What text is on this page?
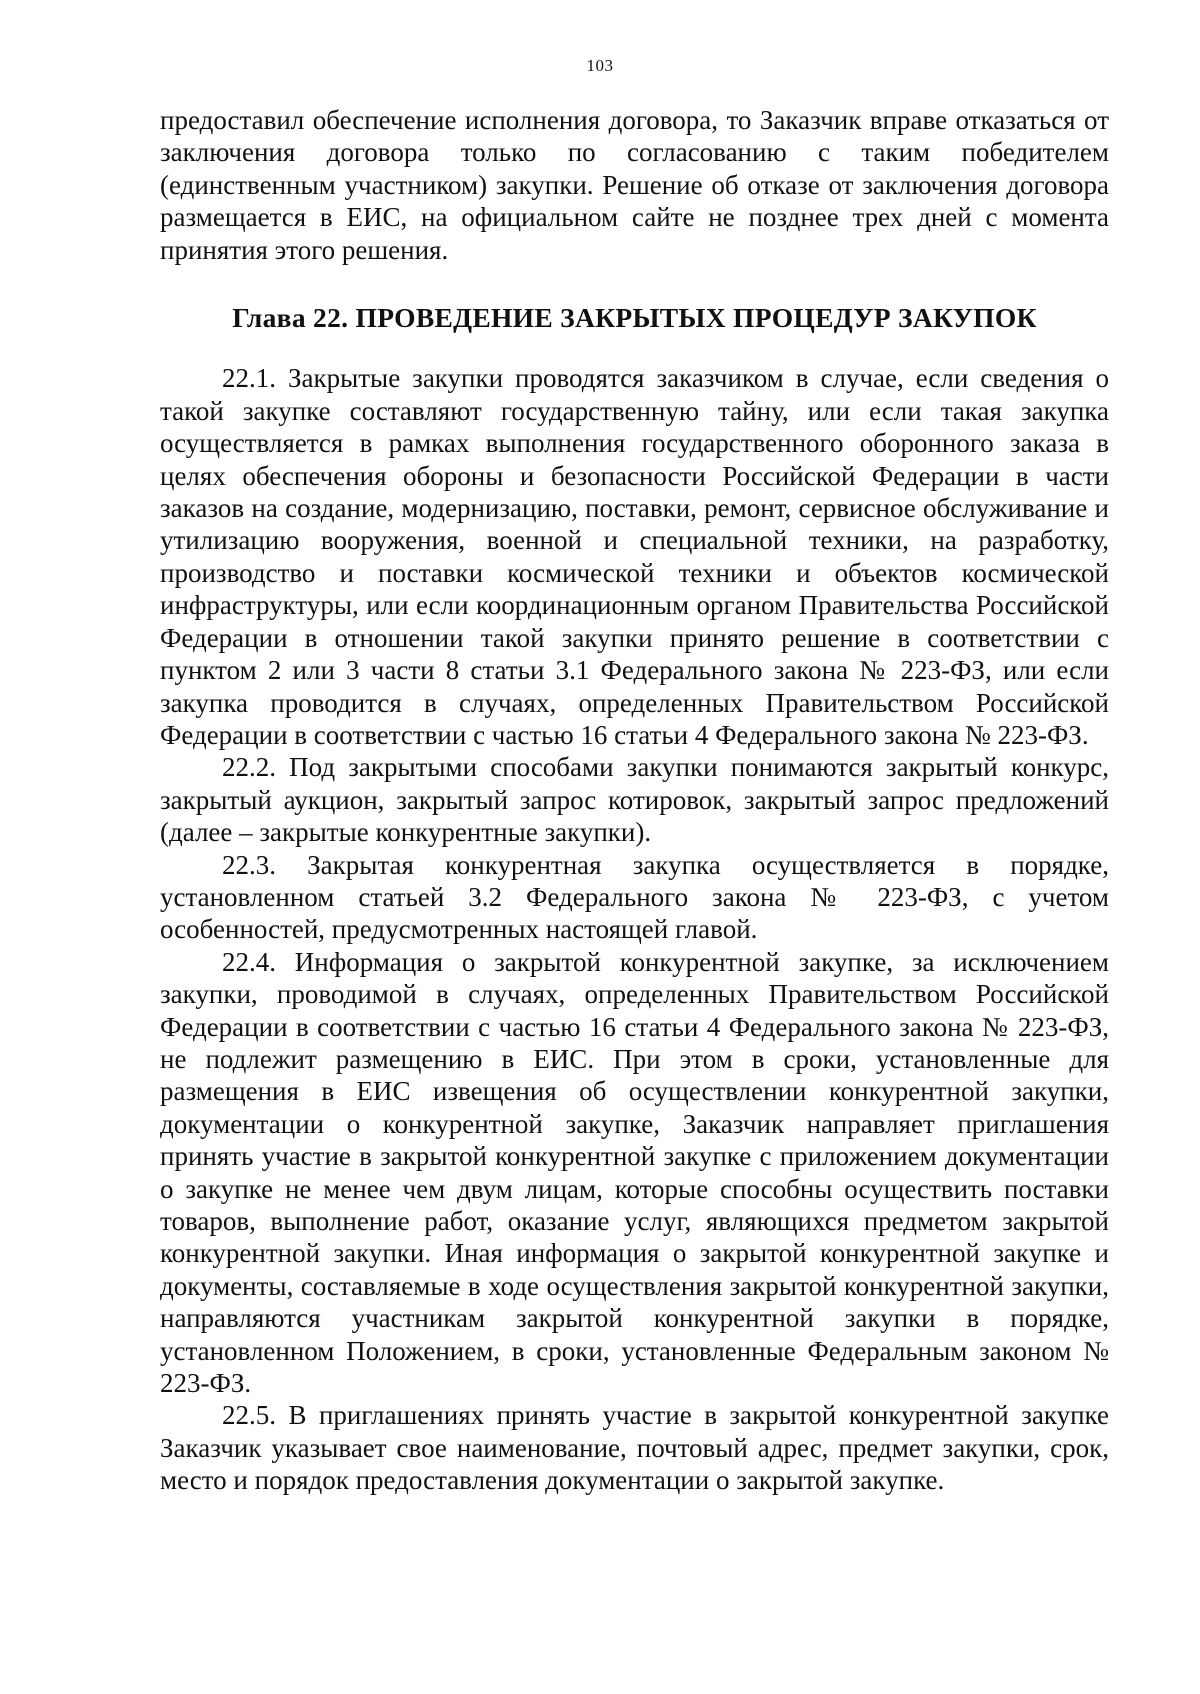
103

предоставил обеспечение исполнения договора, то Заказчик вправе отказаться от заключения договора только по согласованию с таким победителем (единственным участником) закупки. Решение об отказе от заключения договора размещается в ЕИС, на официальном сайте не позднее трех дней с момента принятия этого решения.

Глава 22. ПРОВЕДЕНИЕ ЗАКРЫТЫХ ПРОЦЕДУР ЗАКУПОК

22.1. Закрытые закупки проводятся заказчиком в случае, если сведения о такой закупке составляют государственную тайну, или если такая закупка осуществляется в рамках выполнения государственного оборонного заказа в целях обеспечения обороны и безопасности Российской Федерации в части заказов на создание, модернизацию, поставки, ремонт, сервисное обслуживание и утилизацию вооружения, военной и специальной техники, на разработку, производство и поставки космической техники и объектов космической инфраструктуры, или если координационным органом Правительства Российской Федерации в отношении такой закупки принято решение в соответствии с пунктом 2 или 3 части 8 статьи 3.1 Федерального закона № 223-ФЗ, или если закупка проводится в случаях, определенных Правительством Российской Федерации в соответствии с частью 16 статьи 4 Федерального закона № 223-ФЗ.

22.2. Под закрытыми способами закупки понимаются закрытый конкурс, закрытый аукцион, закрытый запрос котировок, закрытый запрос предложений (далее – закрытые конкурентные закупки).

22.3. Закрытая конкурентная закупка осуществляется в порядке, установленном статьей 3.2 Федерального закона № 223-ФЗ, с учетом особенностей, предусмотренных настоящей главой.

22.4. Информация о закрытой конкурентной закупке, за исключением закупки, проводимой в случаях, определенных Правительством Российской Федерации в соответствии с частью 16 статьи 4 Федерального закона № 223-ФЗ, не подлежит размещению в ЕИС. При этом в сроки, установленные для размещения в ЕИС извещения об осуществлении конкурентной закупки, документации о конкурентной закупке, Заказчик направляет приглашения принять участие в закрытой конкурентной закупке с приложением документации о закупке не менее чем двум лицам, которые способны осуществить поставки товаров, выполнение работ, оказание услуг, являющихся предметом закрытой конкурентной закупки. Иная информация о закрытой конкурентной закупке и документы, составляемые в ходе осуществления закрытой конкурентной закупки, направляются участникам закрытой конкурентной закупки в порядке, установленном Положением, в сроки, установленные Федеральным законом № 223-ФЗ.

22.5. В приглашениях принять участие в закрытой конкурентной закупке Заказчик указывает свое наименование, почтовый адрес, предмет закупки, срок, место и порядок предоставления документации о закрытой закупке.
